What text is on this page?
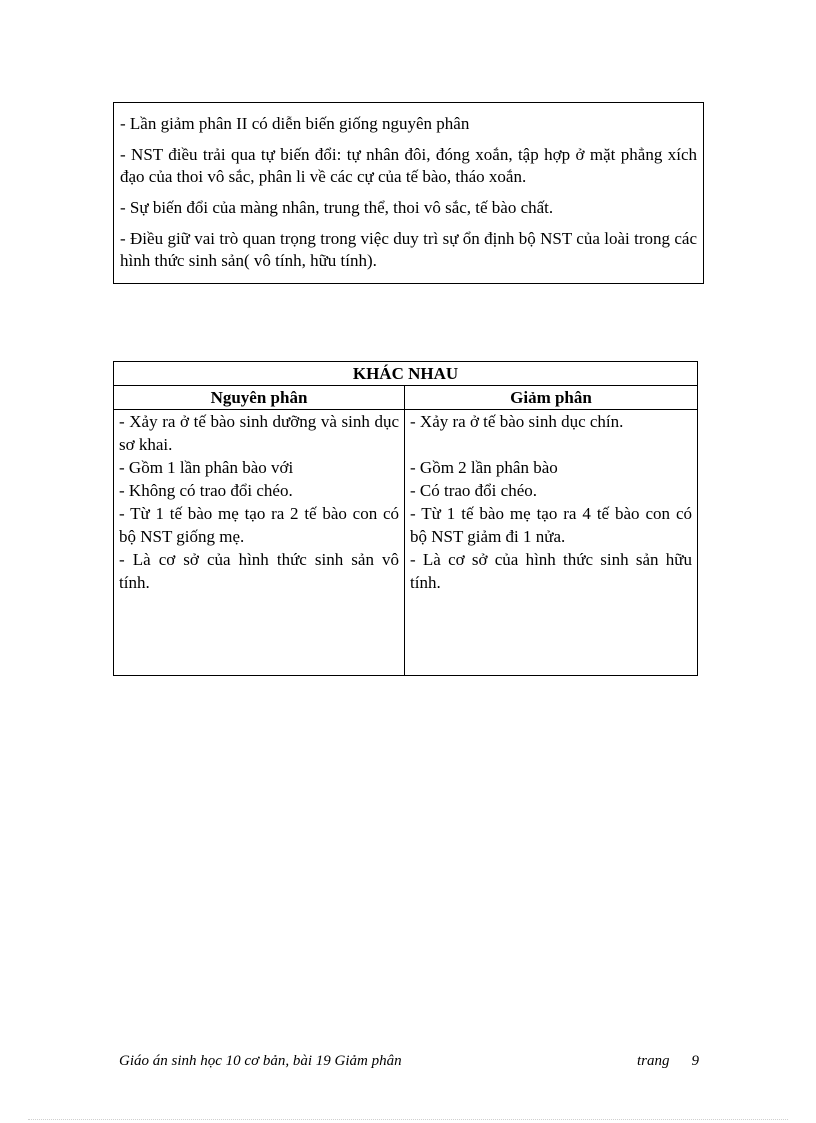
- Lần giảm phân II có diễn biến giống nguyên phân

- NST điều trải qua tự biến đổi: tự nhân đôi, đóng xoắn, tập hợp ở mặt phẳng xích đạo của thoi vô sắc, phân li về các cự của tế bào, tháo xoắn.

- Sự biến đổi của màng nhân, trung thể, thoi vô sắc, tế bào chất.

- Điều giữ vai trò quan trọng trong việc duy trì sự ổn định bộ NST của loài trong các hình thức sinh sản( vô tính, hữu tính).

KHÁC NHAU
Nguyên phân	Giảm phân

- Xảy ra ở tế bào sinh dưỡng và sinh dục sơ khai.

- Gồm 1 lần phân bào với

- Không có trao đổi chéo.

- Từ 1 tế bào mẹ tạo ra 2 tế bào con có bộ NST giống mẹ.

- Là cơ sở của hình thức sinh sản vô tính.

- Xảy ra ở tế bào sinh dục chín.

- Gồm 2 lần phân bào

- Có trao đổi chéo.

- Từ 1 tế bào mẹ tạo ra 4 tế bào con có bộ NST giảm đi 1 nửa.

- Là cơ sở của hình thức sinh sản hữu tính.

Giáo án sinh học 10 cơ bản, bài 19 Giảm phân	trang 9
